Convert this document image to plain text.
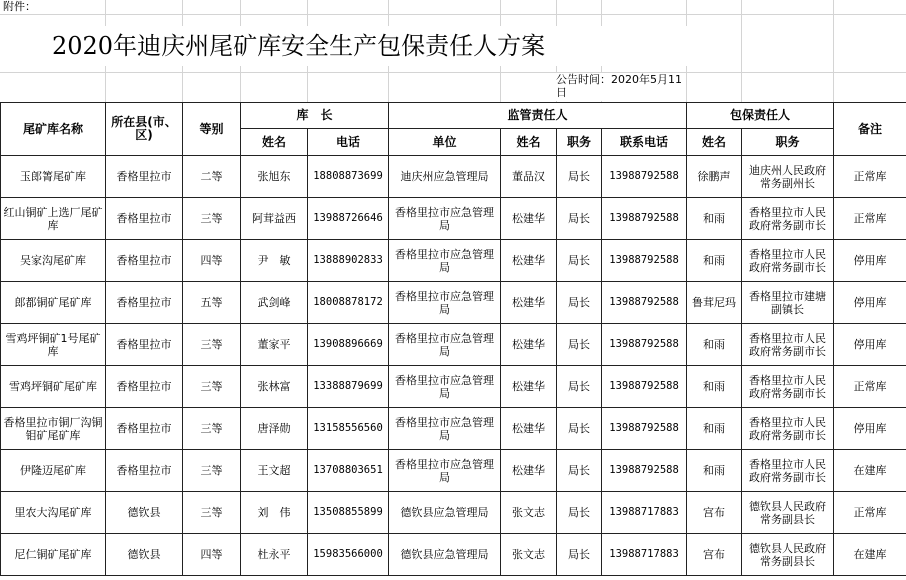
附件：
2020年迪庆州尾矿库安全生产包保责任人方案
公告时间：2020年5月11日
尾矿库名称	所在县(市、区)	等别	库　长		监管责任人				包保责任人		备注
			姓名	电话	单位	姓名	职务	联系电话	姓名	职务	
玉郎箐尾矿库	香格里拉市	二等	张旭东	18808873699	迪庆州应急管理局	董品汉	局长	13988792588	徐鹏声	迪庆州人民政府常务副州长	正常库
红山铜矿上选厂尾矿库	香格里拉市	三等	阿茸益西	13988726646	香格里拉市应急管理局	松建华	局长	13988792588	和雨	香格里拉市人民政府常务副市长	正常库
吴家沟尾矿库	香格里拉市	四等	尹　敏	13888902833	香格里拉市应急管理局	松建华	局长	13988792588	和雨	香格里拉市人民政府常务副市长	停用库
郎都铜矿尾矿库	香格里拉市	五等	武剑峰	18008878172	香格里拉市应急管理局	松建华	局长	13988792588	鲁茸尼玛	香格里拉市建塘副镇长	停用库
雪鸡坪铜矿1号尾矿库	香格里拉市	三等	董家平	13908896669	香格里拉市应急管理局	松建华	局长	13988792588	和雨	香格里拉市人民政府常务副市长	停用库
雪鸡坪铜矿尾矿库	香格里拉市	三等	张林富	13388879699	香格里拉市应急管理局	松建华	局长	13988792588	和雨	香格里拉市人民政府常务副市长	正常库
香格里拉市铜厂沟铜钼矿尾矿库	香格里拉市	三等	唐泽勋	13158556560	香格里拉市应急管理局	松建华	局长	13988792588	和雨	香格里拉市人民政府常务副市长	停用库
伊隆迈尾矿库	香格里拉市	三等	王文超	13708803651	香格里拉市应急管理局	松建华	局长	13988792588	和雨	香格里拉市人民政府常务副市长	在建库
里农大沟尾矿库	德钦县	三等	刘　伟	13508855899	德钦县应急管理局	张文志	局长	13988717883	宫布	德钦县人民政府常务副县长	正常库
尼仁铜矿尾矿库	德钦县	四等	杜永平	15983566000	德钦县应急管理局	张文志	局长	13988717883	宫布	德钦县人民政府常务副县长	在建库
